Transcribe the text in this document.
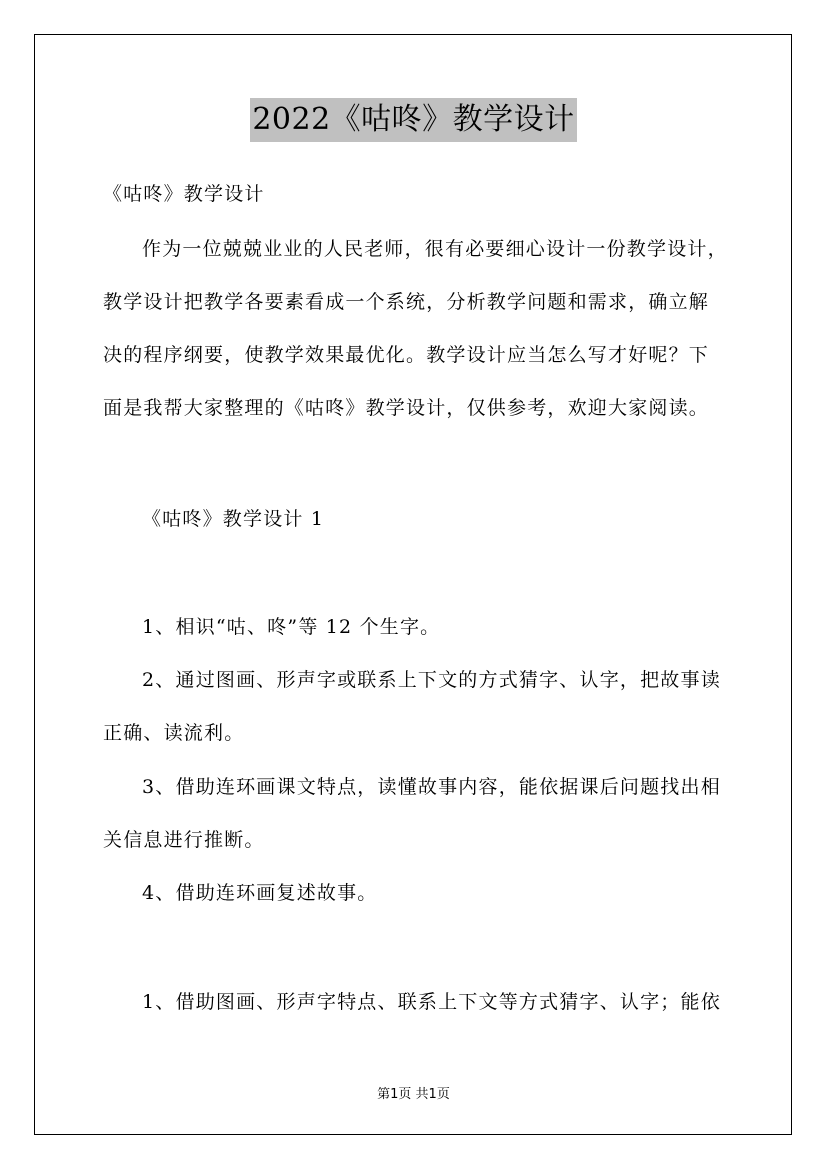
2022《咕咚》教学设计
《咕咚》教学设计
作为一位兢兢业业的人民老师，很有必要细心设计一份教学设计，
教学设计把教学各要素看成一个系统，分析教学问题和需求，确立解
决的程序纲要，使教学效果最优化。教学设计应当怎么写才好呢？下
面是我帮大家整理的《咕咚》教学设计，仅供参考，欢迎大家阅读。
《咕咚》教学设计 1
1、相识“咕、咚”等 12 个生字。
2、通过图画、形声字或联系上下文的方式猜字、认字，把故事读
正确、读流利。
3、借助连环画课文特点，读懂故事内容，能依据课后问题找出相
关信息进行推断。
4、借助连环画复述故事。
1、借助图画、形声字特点、联系上下文等方式猜字、认字；能依
第1页 共1页
